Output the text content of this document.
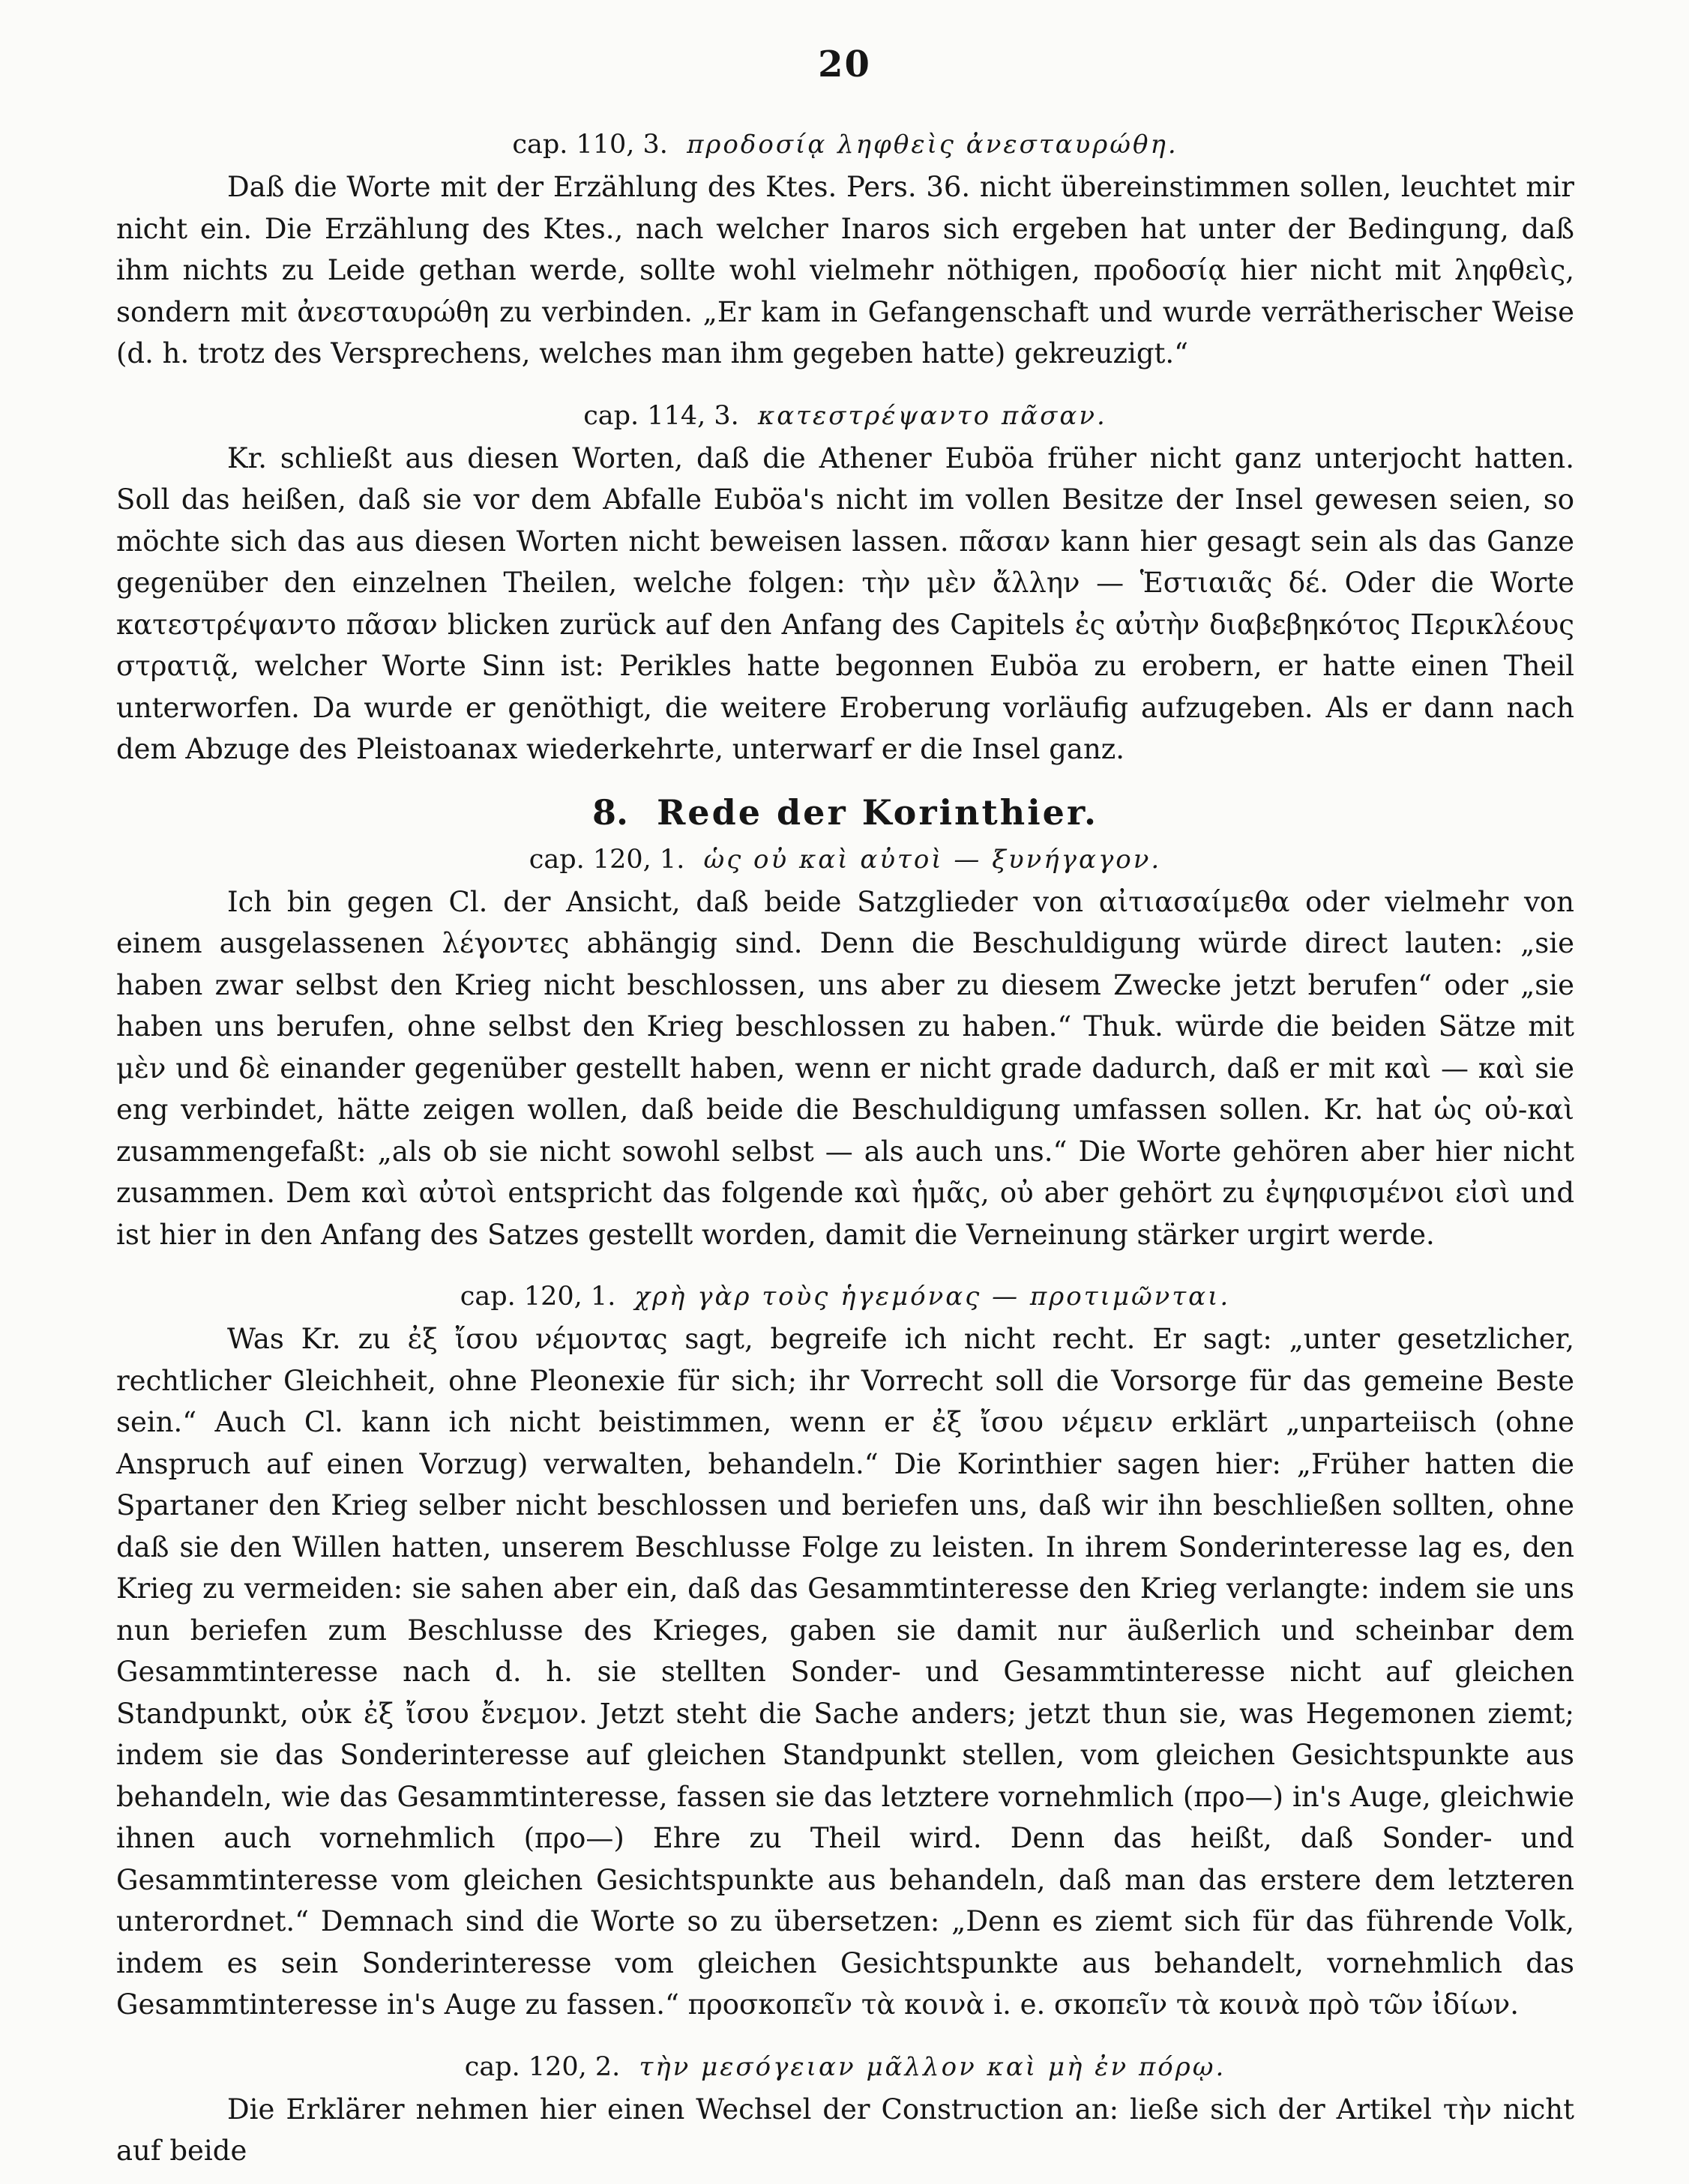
20
cap. 110, 3. προδοσίᾳ ληφθεὶς ἀνεσταυρώθη.

Daß die Worte mit der Erzählung des Ktes. Pers. 36. nicht übereinstimmen sollen, leuchtet mir nicht ein. Die Erzählung des Ktes., nach welcher Inaros sich ergeben hat unter der Bedingung, daß ihm nichts zu Leide gethan werde, sollte wohl vielmehr nöthigen, προδοσίᾳ hier nicht mit ληφθεὶς, sondern mit ἀνεσταυρώθη zu verbinden. „Er kam in Gefangenschaft und wurde verrätherischer Weise (d. h. trotz des Versprechens, welches man ihm gegeben hatte) gekreuzigt.“

cap. 114, 3. κατεστρέψαντο πᾶσαν.

Kr. schließt aus diesen Worten, daß die Athener Euböa früher nicht ganz unterjocht hatten. Soll das heißen, daß sie vor dem Abfalle Euböa's nicht im vollen Besitze der Insel gewesen seien, so möchte sich das aus diesen Worten nicht beweisen lassen. πᾶσαν kann hier gesagt sein als das Ganze gegenüber den einzelnen Theilen, welche folgen: τὴν μὲν ἄλλην — Ἑστιαιᾶς δέ. Oder die Worte κατεστρέψαντο πᾶσαν blicken zurück auf den Anfang des Capitels ἐς αὐτὴν διαβεβηκότος Περικλέους στρατιᾷ, welcher Worte Sinn ist: Perikles hatte begonnen Euböa zu erobern, er hatte einen Theil unterworfen. Da wurde er genöthigt, die weitere Eroberung vorläufig aufzugeben. Als er dann nach dem Abzuge des Pleistoanax wiederkehrte, unterwarf er die Insel ganz.

8. Rede der Korinthier.
cap. 120, 1. ὡς οὐ καὶ αὐτοὶ — ξυνήγαγον.

Ich bin gegen Cl. der Ansicht, daß beide Satzglieder von αἰτιασαίμεθα oder vielmehr von einem ausgelassenen λέγοντες abhängig sind. Denn die Beschuldigung würde direct lauten: „sie haben zwar selbst den Krieg nicht beschlossen, uns aber zu diesem Zwecke jetzt berufen“ oder „sie haben uns berufen, ohne selbst den Krieg beschlossen zu haben.“ Thuk. würde die beiden Sätze mit μὲν und δὲ einander gegenüber gestellt haben, wenn er nicht grade dadurch, daß er mit καὶ — καὶ sie eng verbindet, hätte zeigen wollen, daß beide die Beschuldigung umfassen sollen. Kr. hat ὡς οὐ-καὶ zusammengefaßt: „als ob sie nicht sowohl selbst — als auch uns.“ Die Worte gehören aber hier nicht zusammen. Dem καὶ αὐτοὶ entspricht das folgende καὶ ἡμᾶς, οὐ aber gehört zu ἐψηφισμένοι εἰσὶ und ist hier in den Anfang des Satzes gestellt worden, damit die Verneinung stärker urgirt werde.

cap. 120, 1. χρὴ γὰρ τοὺς ἡγεμόνας — προτιμῶνται.

Was Kr. zu ἐξ ἴσου νέμοντας sagt, begreife ich nicht recht. Er sagt: „unter gesetzlicher, rechtlicher Gleichheit, ohne Pleonexie für sich; ihr Vorrecht soll die Vorsorge für das gemeine Beste sein.“ Auch Cl. kann ich nicht beistimmen, wenn er ἐξ ἴσου νέμειν erklärt „unparteiisch (ohne Anspruch auf einen Vorzug) verwalten, behandeln.“ Die Korinthier sagen hier: „Früher hatten die Spartaner den Krieg selber nicht beschlossen und beriefen uns, daß wir ihn beschließen sollten, ohne daß sie den Willen hatten, unserem Beschlusse Folge zu leisten. In ihrem Sonderinteresse lag es, den Krieg zu vermeiden: sie sahen aber ein, daß das Gesammtinteresse den Krieg verlangte: indem sie uns nun beriefen zum Beschlusse des Krieges, gaben sie damit nur äußerlich und scheinbar dem Gesammtinteresse nach d. h. sie stellten Sonder- und Gesammtinteresse nicht auf gleichen Standpunkt, οὐκ ἐξ ἴσου ἔνεμον. Jetzt steht die Sache anders; jetzt thun sie, was Hegemonen ziemt; indem sie das Sonderinteresse auf gleichen Standpunkt stellen, vom gleichen Gesichtspunkte aus behandeln, wie das Gesammtinteresse, fassen sie das letztere vornehmlich (προ—) in's Auge, gleichwie ihnen auch vornehmlich (προ—) Ehre zu Theil wird. Denn das heißt, daß Sonder- und Gesammtinteresse vom gleichen Gesichtspunkte aus behandeln, daß man das erstere dem letzteren unterordnet.“ Demnach sind die Worte so zu übersetzen: „Denn es ziemt sich für das führende Volk, indem es sein Sonderinteresse vom gleichen Gesichtspunkte aus behandelt, vornehmlich das Gesammtinteresse in's Auge zu fassen.“ προσκοπεῖν τὰ κοινὰ i. e. σκοπεῖν τὰ κοινὰ πρὸ τῶν ἰδίων.

cap. 120, 2. τὴν μεσόγειαν μᾶλλον καὶ μὴ ἐν πόρῳ.

Die Erklärer nehmen hier einen Wechsel der Construction an: ließe sich der Artikel τὴν nicht auf beide
